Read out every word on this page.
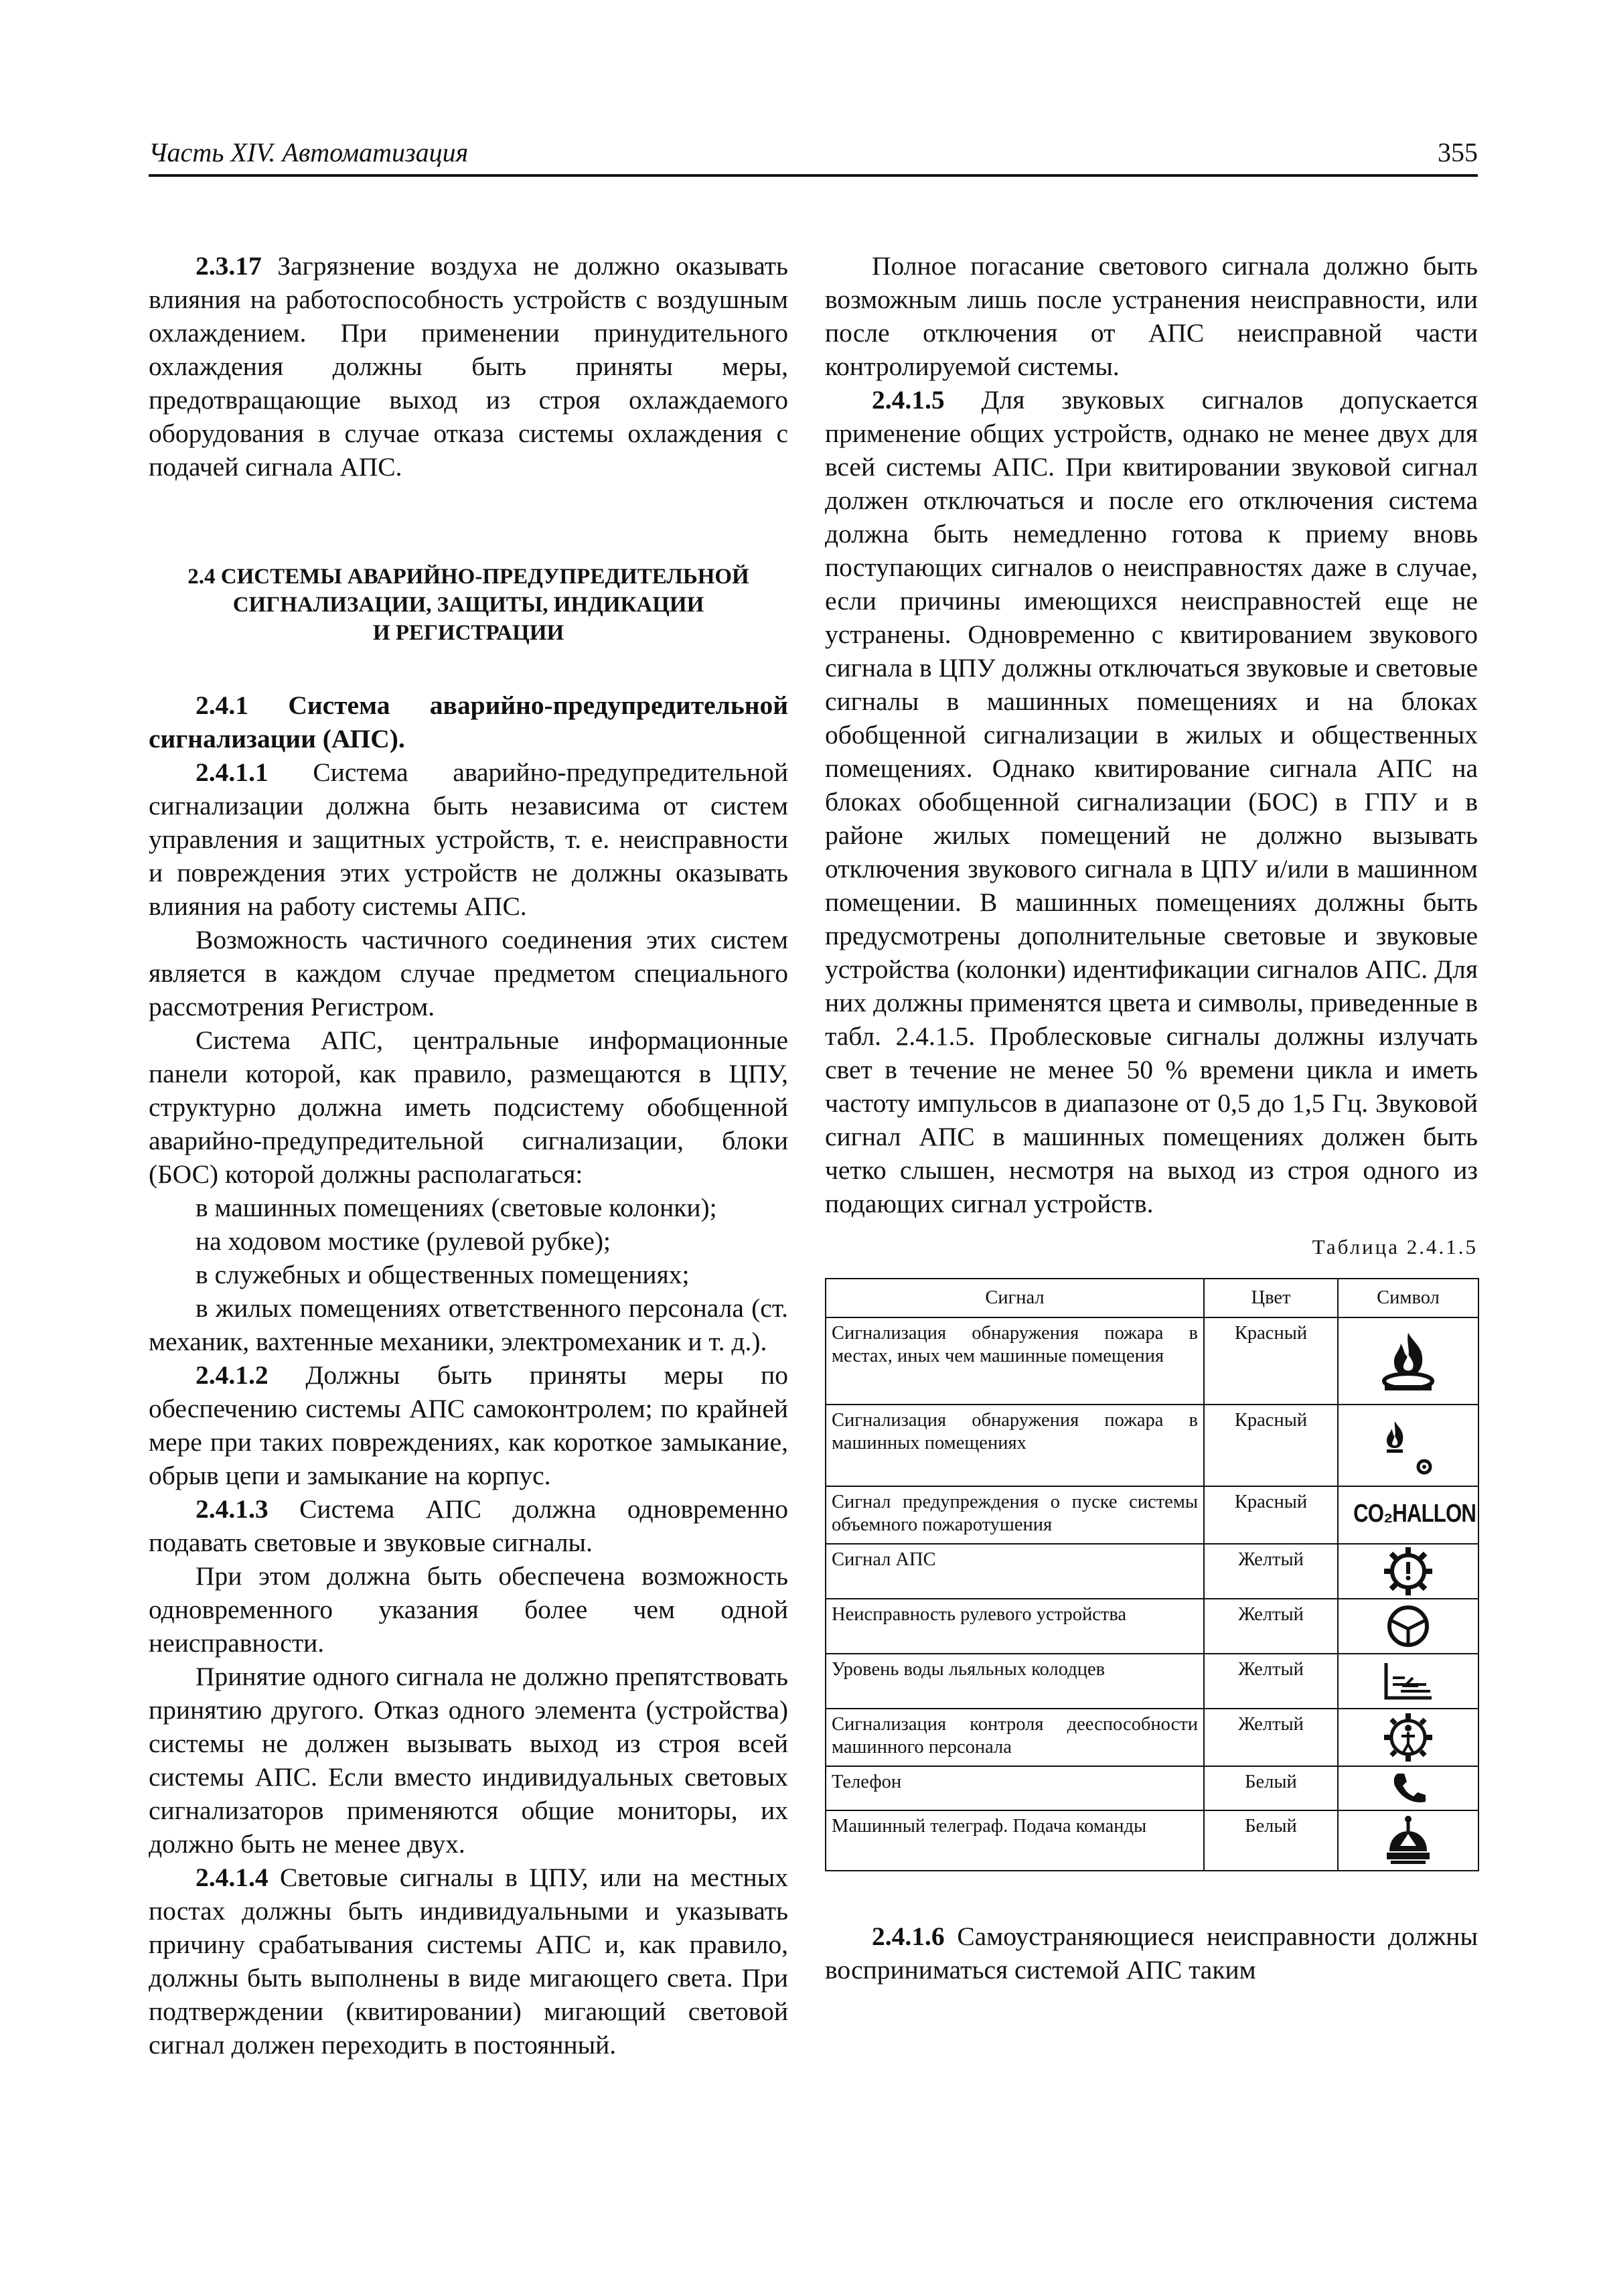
Часть XIV. Автоматизация	355

2.3.17 Загрязнение воздуха не должно оказывать влияния на работоспособность устройств с воздушным охлаждением. При применении принудительного охлаждения должны быть приняты меры, предотвращающие выход из строя охлаждаемого оборудования в случае отказа системы охлаждения с подачей сигнала АПС.

2.4 СИСТЕМЫ АВАРИЙНО-ПРЕДУПРЕДИТЕЛЬНОЙ
СИГНАЛИЗАЦИИ, ЗАЩИТЫ, ИНДИКАЦИИ
И РЕГИСТРАЦИИ

2.4.1 Система аварийно-предупредительной сигнализации (АПС).

2.4.1.1 Система аварийно-предупредительной сигнализации должна быть независима от систем управления и защитных устройств, т. е. неисправности и повреждения этих устройств не должны оказывать влияния на работу системы АПС.

Возможность частичного соединения этих систем является в каждом случае предметом специального рассмотрения Регистром.

Система АПС, центральные информационные панели которой, как правило, размещаются в ЦПУ, структурно должна иметь подсистему обобщенной аварийно-предупредительной сигнализации, блоки (БОС) которой должны располагаться:

в машинных помещениях (световые колонки);

на ходовом мостике (рулевой рубке);

в служебных и общественных помещениях;

в жилых помещениях ответственного персонала (ст. механик, вахтенные механики, электромеханик и т. д.).

2.4.1.2 Должны быть приняты меры по обеспечению системы АПС самоконтролем; по крайней мере при таких повреждениях, как короткое замыкание, обрыв цепи и замыкание на корпус.

2.4.1.3 Система АПС должна одновременно подавать световые и звуковые сигналы.

При этом должна быть обеспечена возможность одновременного указания более чем одной неисправности.

Принятие одного сигнала не должно препятствовать принятию другого. Отказ одного элемента (устройства) системы не должен вызывать выход из строя всей системы АПС. Если вместо индивидуальных световых сигнализаторов применяются общие мониторы, их должно быть не менее двух.

2.4.1.4 Световые сигналы в ЦПУ, или на местных постах должны быть индивидуальными и указывать причину срабатывания системы АПС и, как правило, должны быть выполнены в виде мигающего света. При подтверждении (квитировании) мигающий световой сигнал должен переходить в постоянный.

Полное погасание светового сигнала должно быть возможным лишь после устранения неисправности, или после отключения от АПС неисправной части контролируемой системы.

2.4.1.5 Для звуковых сигналов допускается применение общих устройств, однако не менее двух для всей системы АПС. При квитировании звуковой сигнал должен отключаться и после его отключения система должна быть немедленно готова к приему вновь поступающих сигналов о неисправностях даже в случае, если причины имеющихся неисправностей еще не устранены. Одновременно с квитированием звукового сигнала в ЦПУ должны отключаться звуковые и световые сигналы в машинных помещениях и на блоках обобщенной сигнализации в жилых и общественных помещениях. Однако квитирование сигнала АПС на блоках обобщенной сигнализации (БОС) в ГПУ и в районе жилых помещений не должно вызывать отключения звукового сигнала в ЦПУ и/или в машинном помещении. В машинных помещениях должны быть предусмотрены дополнительные световые и звуковые устройства (колонки) идентификации сигналов АПС. Для них должны применятся цвета и символы, приведенные в табл. 2.4.1.5. Проблесковые сигналы должны излучать свет в течение не менее 50 % времени цикла и иметь частоту импульсов в диапазоне от 0,5 до 1,5 Гц. Звуковой сигнал АПС в машинных помещениях должен быть четко слышен, несмотря на выход из строя одного из подающих сигнал устройств.

Таблица 2.4.1.5
Сигнал	Цвет	Символ
Сигнализация обнаружения пожара в местах, иных чем машинные помещения	Красный	

Сигнализация обнаружения пожара в машинных помещениях	Красный	

Сигнал предупреждения о пуске системы объемного пожаротушения	Красный	CO₂HALLON
Сигнал АПС	Желтый	

Неисправность рулевого устройства	Желтый	

Уровень воды льяльных колодцев	Желтый	

Сигнализация контроля дееспособности машинного персонала	Желтый	

Телефон	Белый	

Машинный телеграф. Подача команды	Белый	

2.4.1.6 Самоустраняющиеся неисправности должны восприниматься системой АПС таким
